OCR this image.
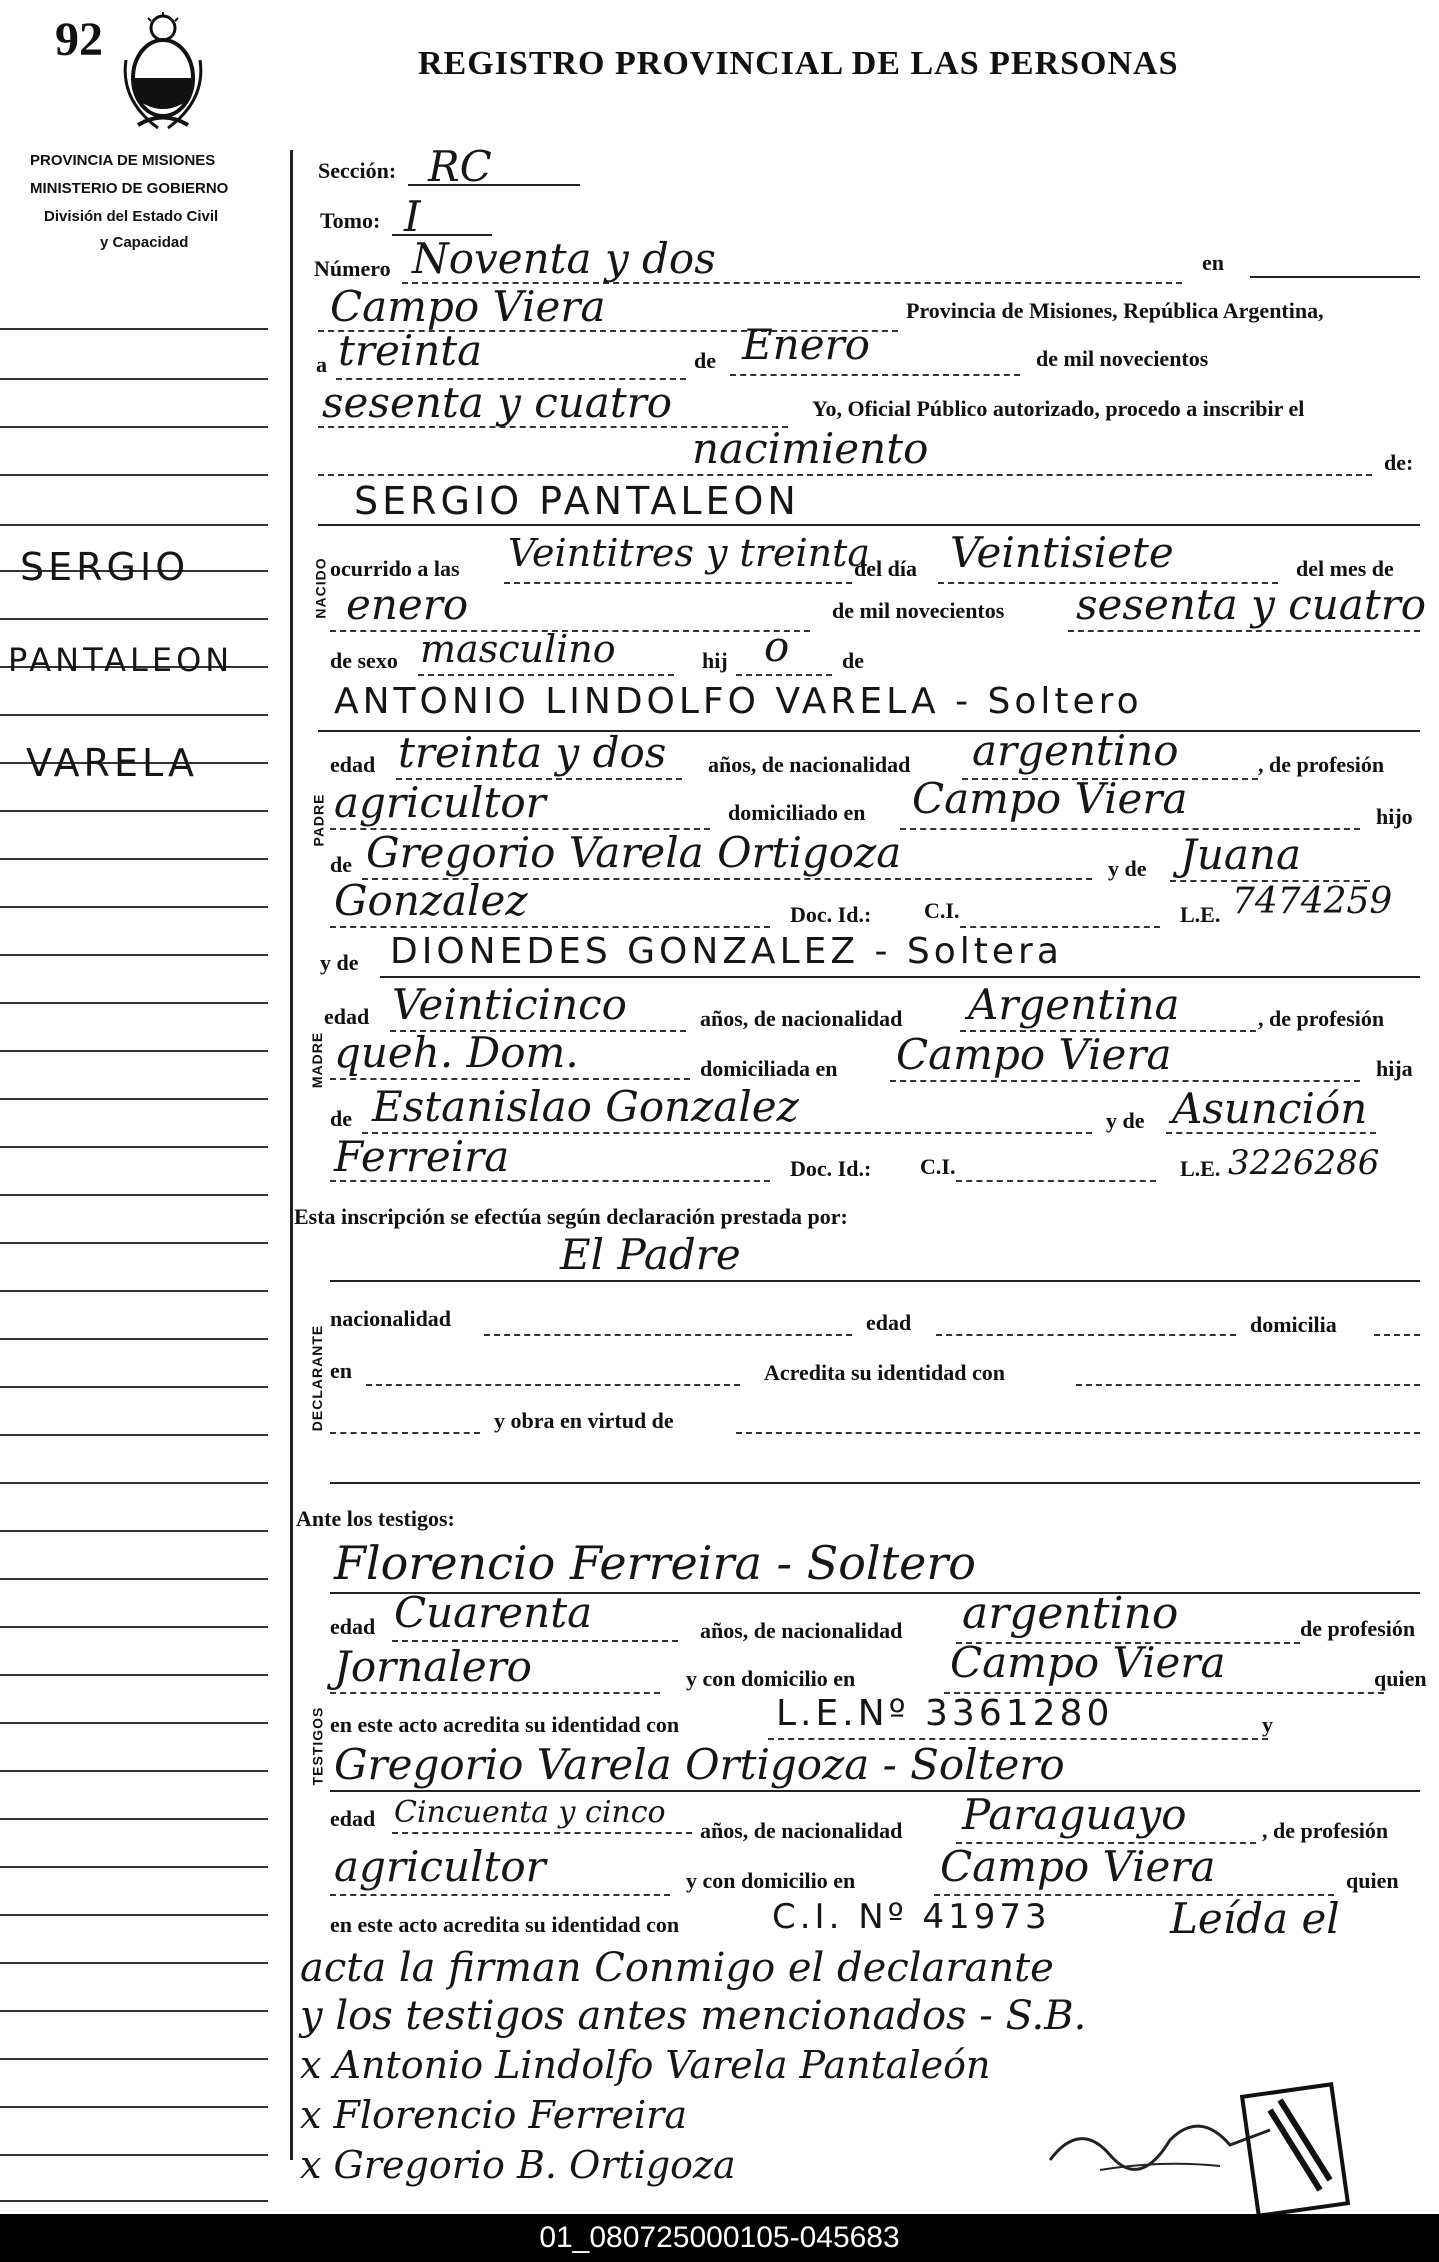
92	REGISTRO PROVINCIAL DE LAS PERSONAS
PROVINCIA DE MISIONES
MINISTERIO DE GOBIERNO
División del Estado Civil
y Capacidad
SERGIO
PANTALEON
VARELA
NACIDO
PADRE
MADRE
DECLARANTE
TESTIGOS
Sección: RC
Tomo: I
Número Noventa y dos	en
Campo Viera	Provincia de Misiones, República Argentina,
a treinta	de Enero	de mil novecientos
sesenta y cuatro	Yo, Oficial Público autorizado, procedo a inscribir el
nacimiento	de:
SERGIO PANTALEON
ocurrido a las Veintitres y treinta
del día Veintisiete	del mes de
enero	de mil novecientos sesenta y cuatro
de sexo masculino	hij o de
ANTONIO LINDOLFO VARELA - Soltero
edad treinta y dos años, de nacionalidad argentino	, de profesión
agricultor	domiciliado en Campo Viera	hijo
de Gregorio Varela Ortigoza	y de Juana
Gonzalez	Doc. Id.: C.I.	L.E. 7474259
y de DIONEDES GONZALEZ - Soltera
edad Veinticinco	años, de nacionalidad Argentina	, de profesión
queh. Dom.	domiciliada en Campo Viera	hija
de Estanislao Gonzalez	y de Asunción
Ferreira	Doc. Id.: C.I.	L.E. 3226286
Esta inscripción se efectúa según declaración prestada por:
El Padre
nacionalidad	edad	domicilia
en	Acredita su identidad con
y obra en virtud de
Ante los testigos:
Florencio Ferreira - Soltero
edad Cuarenta	años, de nacionalidad argentino	de profesión
Jornalero	y con domicilio en Campo Viera	quien
en este acto acredita su identidad con	L.E.Nº 3361280	y
Gregorio Varela Ortigoza - Soltero
edad Cincuenta y cinco
años, de nacionalidad Paraguayo	, de profesión
agricultor	y con domicilio en Campo Viera	quien
en este acto acredita su identidad con	C.I. Nº 41973	Leída el
acta la firman Conmigo el declarante
y los testigos antes mencionados - S.B.
x Antonio Lindolfo Varela Pantaleón
x Florencio Ferreira
x Gregorio B. Ortigoza
01_080725000105-045683
